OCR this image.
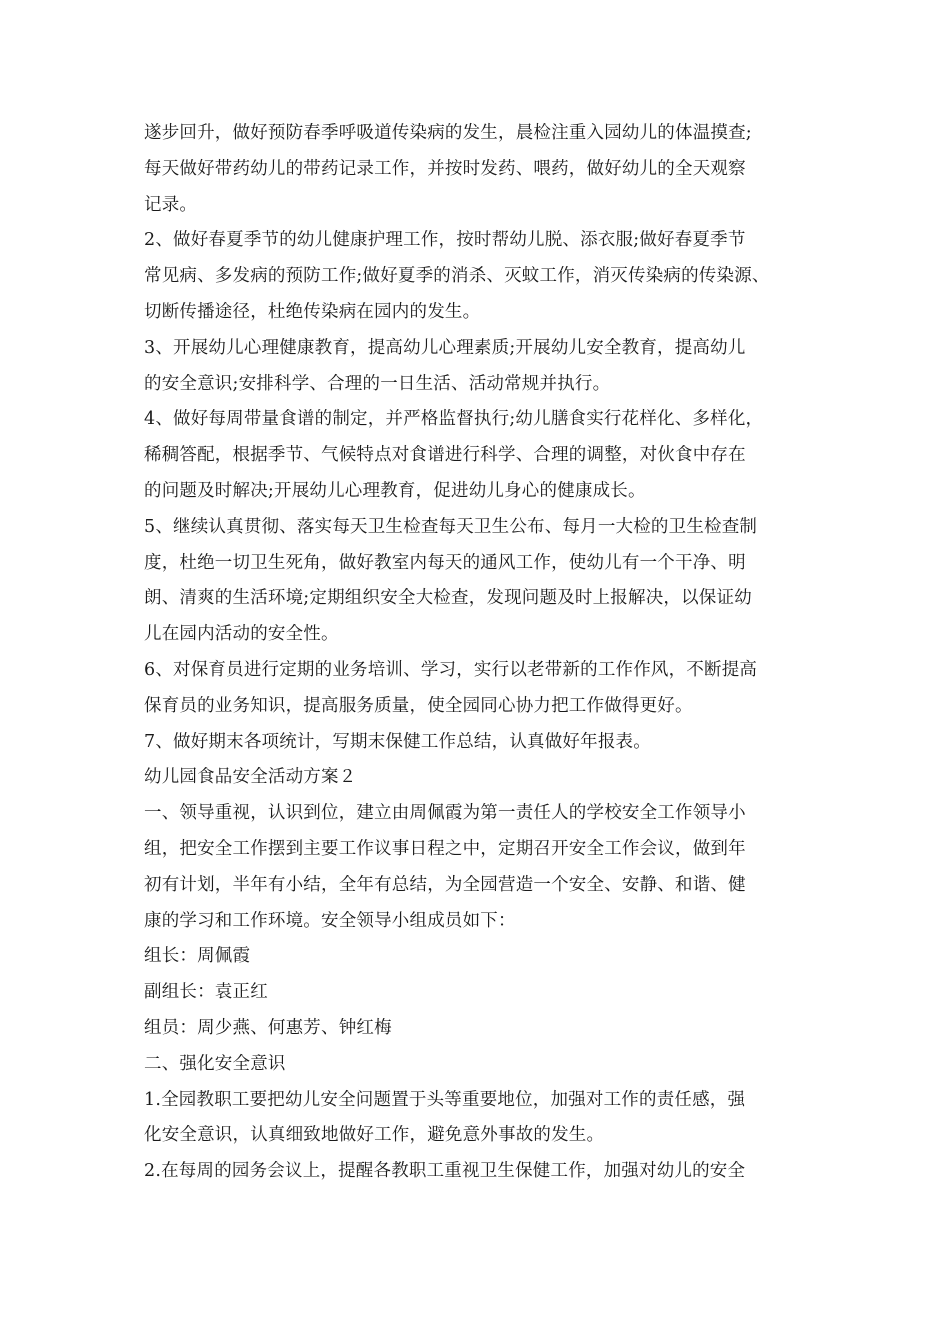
遂步回升，做好预防春季呼吸道传染病的发生，晨检注重入园幼儿的体温摸查;
每天做好带药幼儿的带药记录工作，并按时发药、喂药，做好幼儿的全天观察
记录。
2、做好春夏季节的幼儿健康护理工作，按时帮幼儿脱、添衣服;做好春夏季节
常见病、多发病的预防工作;做好夏季的消杀、灭蚊工作，消灭传染病的传染源、
切断传播途径，杜绝传染病在园内的发生。
3、开展幼儿心理健康教育，提高幼儿心理素质;开展幼儿安全教育，提高幼儿
的安全意识;安排科学、合理的一日生活、活动常规并执行。
4、做好每周带量食谱的制定，并严格监督执行;幼儿膳食实行花样化、多样化，
稀稠答配，根据季节、气候特点对食谱进行科学、合理的调整，对伙食中存在
的问题及时解决;开展幼儿心理教育，促进幼儿身心的健康成长。
5、继续认真贯彻、落实每天卫生检查每天卫生公布、每月一大检的卫生检查制
度，杜绝一切卫生死角，做好教室内每天的通风工作，使幼儿有一个干净、明
朗、清爽的生活环境;定期组织安全大检查，发现问题及时上报解决，以保证幼
儿在园内活动的安全性。
6、对保育员进行定期的业务培训、学习，实行以老带新的工作作风，不断提高
保育员的业务知识，提高服务质量，使全园同心协力把工作做得更好。
7、做好期末各项统计，写期末保健工作总结，认真做好年报表。
幼儿园食品安全活动方案２
一、领导重视，认识到位，建立由周佩霞为第一责任人的学校安全工作领导小
组，把安全工作摆到主要工作议事日程之中，定期召开安全工作会议，做到年
初有计划，半年有小结，全年有总结，为全园营造一个安全、安静、和谐、健
康的学习和工作环境。安全领导小组成员如下：
组长：周佩霞
副组长：袁正红
组员：周少燕、何惠芳、钟红梅
二、强化安全意识
1.全园教职工要把幼儿安全问题置于头等重要地位，加强对工作的责任感，强
化安全意识，认真细致地做好工作，避免意外事故的发生。
2.在每周的园务会议上，提醒各教职工重视卫生保健工作，加强对幼儿的安全
